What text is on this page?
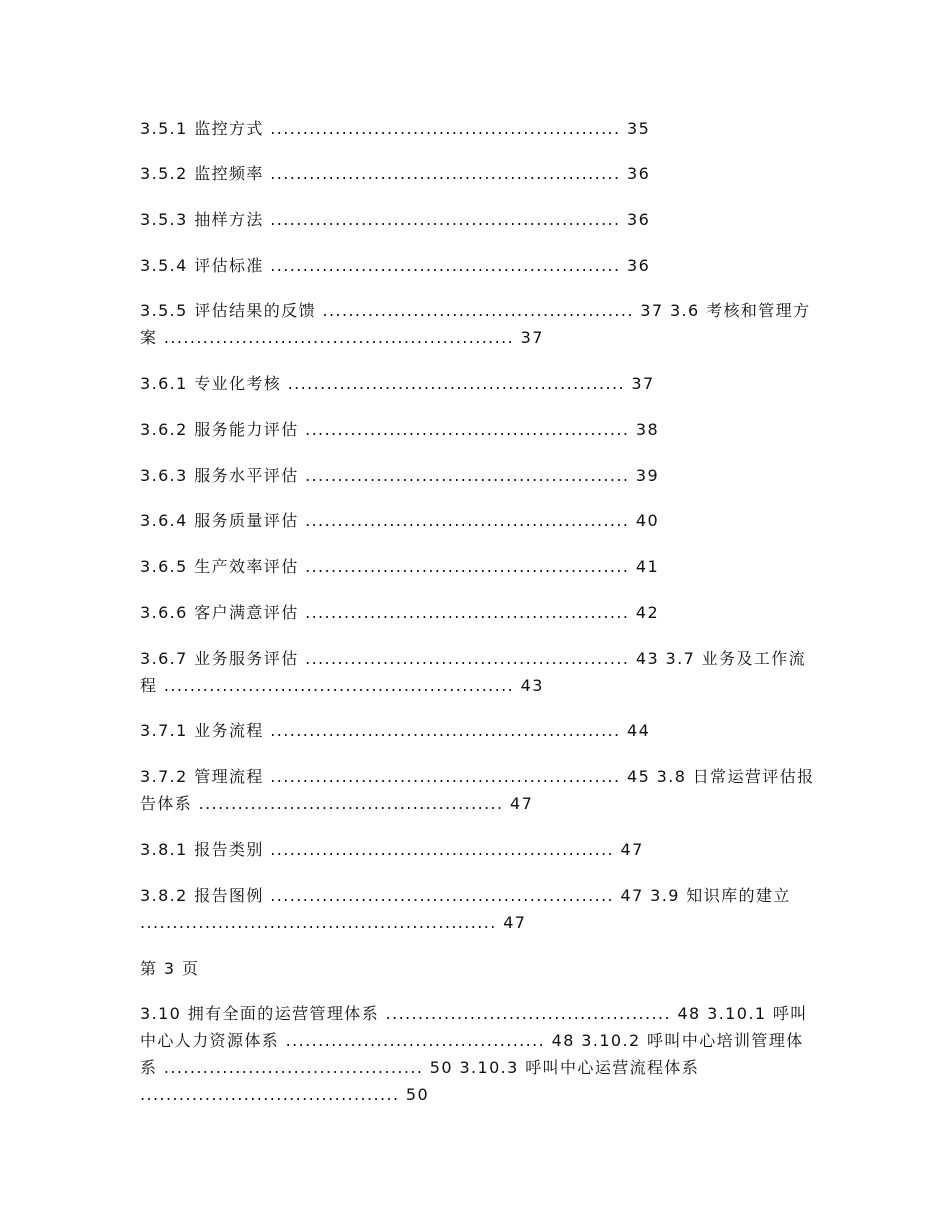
3.5.1 监控方式 ...................................................... 35
3.5.2 监控频率 ...................................................... 36
3.5.3 抽样方法 ...................................................... 36
3.5.4 评估标准 ...................................................... 36
3.5.5 评估结果的反馈 ................................................ 37 3.6 考核和管理方案 ...................................................... 37
3.6.1 专业化考核 .................................................... 37
3.6.2 服务能力评估 .................................................. 38
3.6.3 服务水平评估 .................................................. 39
3.6.4 服务质量评估 .................................................. 40
3.6.5 生产效率评估 .................................................. 41
3.6.6 客户满意评估 .................................................. 42
3.6.7 业务服务评估 .................................................. 43 3.7 业务及工作流程 ...................................................... 43
3.7.1 业务流程 ...................................................... 44
3.7.2 管理流程 ...................................................... 45 3.8 日常运营评估报告体系 ............................................... 47
3.8.1 报告类别 ..................................................... 47
3.8.2 报告图例 ..................................................... 47 3.9 知识库的建立 ....................................................... 47
第 3 页
3.10 拥有全面的运营管理体系 ............................................ 48 3.10.1 呼叫中心人力资源体系 ........................................ 48 3.10.2 呼叫中心培训管理体系 ........................................ 50 3.10.3 呼叫中心运营流程体系 ........................................ 50
